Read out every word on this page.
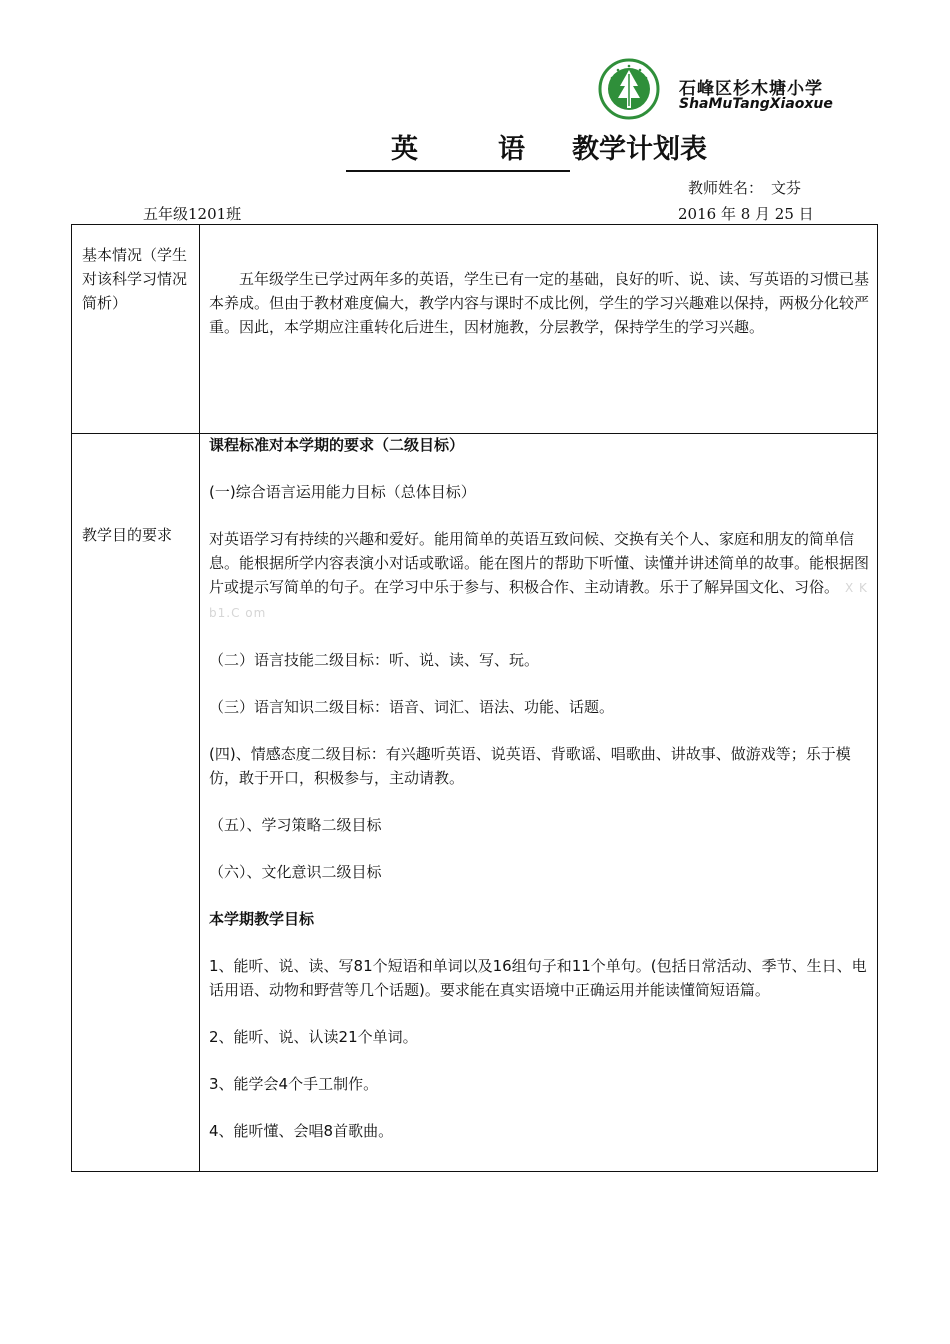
石峰区杉木塘小学
ShaMuTangXiaoxue
英	语 教学计划表
教师姓名： 文芬
五年级1201班	2016 年 8 月 25 日
基本情况（学生对该科学习情况简析）
五年级学生已学过两年多的英语，学生已有一定的基础，良好的听、说、读、写英语的习惯已基本养成。但由于教材难度偏大，教学内容与课时不成比例，学生的学习兴趣难以保持，两极分化较严重。因此，本学期应注重转化后进生，因材施教，分层教学，保持学生的学习兴趣。
教学目的要求

课程标准对本学期的要求（二级目标）

(一)综合语言运用能力目标（总体目标）

对英语学习有持续的兴趣和爱好。能用简单的英语互致问候、交换有关个人、家庭和朋友的简单信息。能根据所学内容表演小对话或歌谣。能在图片的帮助下听懂、读懂并讲述简单的故事。能根据图片或提示写简单的句子。在学习中乐于参与、积极合作、主动请教。乐于了解异国文化、习俗。 X K b1.C om

（二）语言技能二级目标：听、说、读、写、玩。

（三）语言知识二级目标：语音、词汇、语法、功能、话题。

(四)、情感态度二级目标：有兴趣听英语、说英语、背歌谣、唱歌曲、讲故事、做游戏等；乐于模仿，敢于开口，积极参与，主动请教。

（五）、学习策略二级目标

（六）、文化意识二级目标

本学期教学目标

1、能听、说、读、写81个短语和单词以及16组句子和11个单句。(包括日常活动、季节、生日、电话用语、动物和野营等几个话题)。要求能在真实语境中正确运用并能读懂简短语篇。

2、能听、说、认读21个单词。

3、能学会4个手工制作。

4、能听懂、会唱8首歌曲。
